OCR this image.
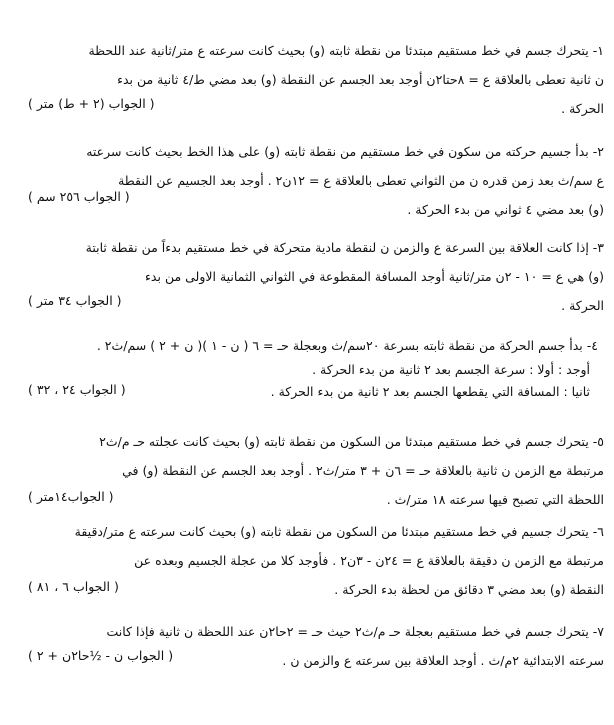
١- يتحرك جسم في خط مستقيم مبتدئا من نقطة ثابته (و) بحيث كانت سرعته ع متر/ثانية عند اللحظة
ن ثانية تعطى بالعلاقة ع = ٨حتا٢ن أوجد بعد الجسم عن النقطة (و) بعد مضي ط/٤ ثانية من بدء
الحركة .
( الجواب (٢ + ط) متر )
٢- بدأ جسيم حركته من سكون في خط مستقيم من نقطة ثابته (و) على هذا الخط بحيث كانت سرعته
ع سم/ث بعد زمن قدره ن من الثواني تعطى بالعلاقة ع = ١٢ن٢ . أوجد بعد الجسيم عن النقطة
(و) بعد مضي ٤ ثواني من بدء الحركة .
( الجواب ٢٥٦ سم )
٣- إذا كانت العلاقة بين السرعة ع والزمن ن لنقطة مادية متحركة في خط مستقيم بدءاً من نقطة ثابتة
(و) هي ع = ١٠ - ٢ن متر/ثانية أوجد المسافة المقطوعة في الثواني الثمانية الاولى من بدء
الحركة .
( الجواب ٣٤ متر )
٤- بدأ جسم الحركة من نقطة ثابته بسرعة ٢٠سم/ث وبعجلة حـ = ٦ ( ن - ١ )( ن + ٢ ) سم/ث٢ .
أوجد : أولا : سرعة الجسم بعد ٢ ثانية من بدء الحركة .
ثانيا : المسافة التي يقطعها الجسم بعد ٢ ثانية من بدء الحركة .
( الجواب ٢٤ ، ٣٢ )
٥- يتحرك جسم في خط مستقيم مبتدئا من السكون من نقطة ثابته (و) بحيث كانت عجلته حـ م/ث٢
مرتبطة مع الزمن ن ثانية بالعلاقة حـ = ٦ن + ٣ متر/ث٢ . أوجد بعد الجسم عن النقطة (و) في
اللحظة التي تصبح فيها سرعته ١٨ متر/ث .
( الجواب١٤متر )
٦- يتحرك جسيم في خط مستقيم مبتدئا من السكون من نقطة ثابته (و) بحيث كانت سرعته ع متر/دقيقة
مرتبطة مع الزمن ن دقيقة بالعلاقة ع = ٢٤ن - ٣ن٢ . فأوجد كلا من عجلة الجسيم وبعده عن
النقطة (و) بعد مضي ٣ دقائق من لحظة بدء الحركة .
( الجواب ٦ ، ٨١ )
٧- يتحرك جسم في خط مستقيم بعجلة حـ م/ث٢ حيث حـ = ٢حا٢ن عند اللحظة ن ثانية فإذا كانت
سرعته الابتدائية ٢م/ث . أوجد العلاقة بين سرعته ع والزمن ن .
( الجواب ن - ½حا٢ن + ٢ )
